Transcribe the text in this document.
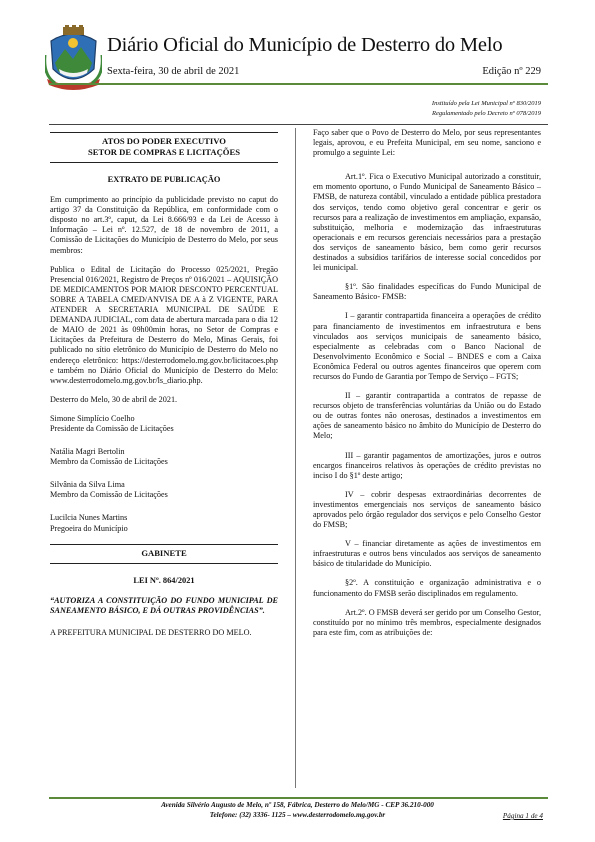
Diário Oficial do Município de Desterro do Melo
Sexta-feira, 30 de abril de 2021	Edição nº 229
Instituído pela Lei Municipal nº 830/2019
Regulamentado pelo Decreto nº 078/2019
ATOS DO PODER EXECUTIVO
SETOR DE COMPRAS E LICITAÇÕES
EXTRATO DE PUBLICAÇÃO

Em cumprimento ao princípio da publicidade previsto no caput do artigo 37 da Constituição da República, em conformidade com o disposto no art.3º, caput, da Lei 8.666/93 e da Lei de Acesso à Informação – Lei nº. 12.527, de 18 de novembro de 2011, a Comissão de Licitações do Município de Desterro do Melo, por seus membros:

Publica o Edital de Licitação do Processo 025/2021, Pregão Presencial 016/2021, Registro de Preços nº 016/2021 – AQUISIÇÃO DE MEDICAMENTOS POR MAIOR DESCONTO PERCENTUAL SOBRE A TABELA CMED/ANVISA DE A à Z VIGENTE, PARA ATENDER A SECRETARIA MUNICIPAL DE SAÚDE E DEMANDA JUDICIAL, com data de abertura marcada para o dia 12 de MAIO de 2021 às 09h00min horas, no Setor de Compras e Licitações da Prefeitura de Desterro do Melo, Minas Gerais, foi publicado no sítio eletrônico do Município de Desterro do Melo no endereço eletrônico: https://desterrodomelo.mg.gov.br/licitacoes.php e também no Diário Oficial do Município de Desterro do Melo: www.desterrodomelo.mg.gov.br/ls_diario.php.

Desterro do Melo, 30 de abril de 2021.

Simone Simplício Coelho
Presidente da Comissão de Licitações

Natália Magri Bertolin
Membro da Comissão de Licitações

Silvânia da Silva Lima
Membro da Comissão de Licitações

Lucilcia Nunes Martins
Pregoeira do Município

GABINETE
LEI Nº. 864/2021

“AUTORIZA A CONSTITUIÇÃO DO FUNDO MUNICIPAL DE SANEAMENTO BÁSICO, E DÁ OUTRAS PROVIDÊNCIAS”.

A PREFEITURA MUNICIPAL DE DESTERRO DO MELO.

Faço saber que o Povo de Desterro do Melo, por seus representantes legais, aprovou, e eu Prefeita Municipal, em seu nome, sanciono e promulgo a seguinte Lei:

Art.1º. Fica o Executivo Municipal autorizado a constituir, em momento oportuno, o Fundo Municipal de Saneamento Básico – FMSB, de natureza contábil, vinculado a entidade pública prestadora dos serviços, tendo como objetivo geral concentrar e gerir os recursos para a realização de investimentos em ampliação, expansão, substituição, melhoria e modernização das infraestruturas operacionais e em recursos gerenciais necessários para a prestação dos serviços de saneamento básico, bem como gerir recursos destinados a subsídios tarifários de interesse social concedidos por lei municipal.

§1º. São finalidades específicas do Fundo Municipal de Saneamento Básico- FMSB:

I – garantir contrapartida financeira a operações de crédito para financiamento de investimentos em infraestrutura e bens vinculados aos serviços municipais de saneamento básico, especialmente as celebradas com o Banco Nacional de Desenvolvimento Econômico e Social – BNDES e com a Caixa Econômica Federal ou outros agentes financeiros que operem com recursos do Fundo de Garantia por Tempo de Serviço – FGTS;

II – garantir contrapartida a contratos de repasse de recursos objeto de transferências voluntárias da União ou do Estado ou de outras fontes não onerosas, destinados a investimentos em ações de saneamento básico no âmbito do Município de Desterro do Melo;

III – garantir pagamentos de amortizações, juros e outros encargos financeiros relativos às operações de crédito previstas no inciso I do §1º deste artigo;

IV – cobrir despesas extraordinárias decorrentes de investimentos emergenciais nos serviços de saneamento básico aprovados pelo órgão regulador dos serviços e pelo Conselho Gestor do FMSB;

V – financiar diretamente as ações de investimentos em infraestruturas e outros bens vinculados aos serviços de saneamento básico de titularidade do Município.

§2º. A constituição e organização administrativa e o funcionamento do FMSB serão disciplinados em regulamento.

Art.2º. O FMSB deverá ser gerido por um Conselho Gestor, constituído por no mínimo três membros, especialmente designados para este fim, com as atribuições de:

Avenida Silvério Augusto de Melo, nº 158, Fábrica, Desterro do Melo/MG - CEP 36.210-000
Telefone: (32) 3336- 1125 – www.desterrodomelo.mg.gov.br	Página 1 de 4
